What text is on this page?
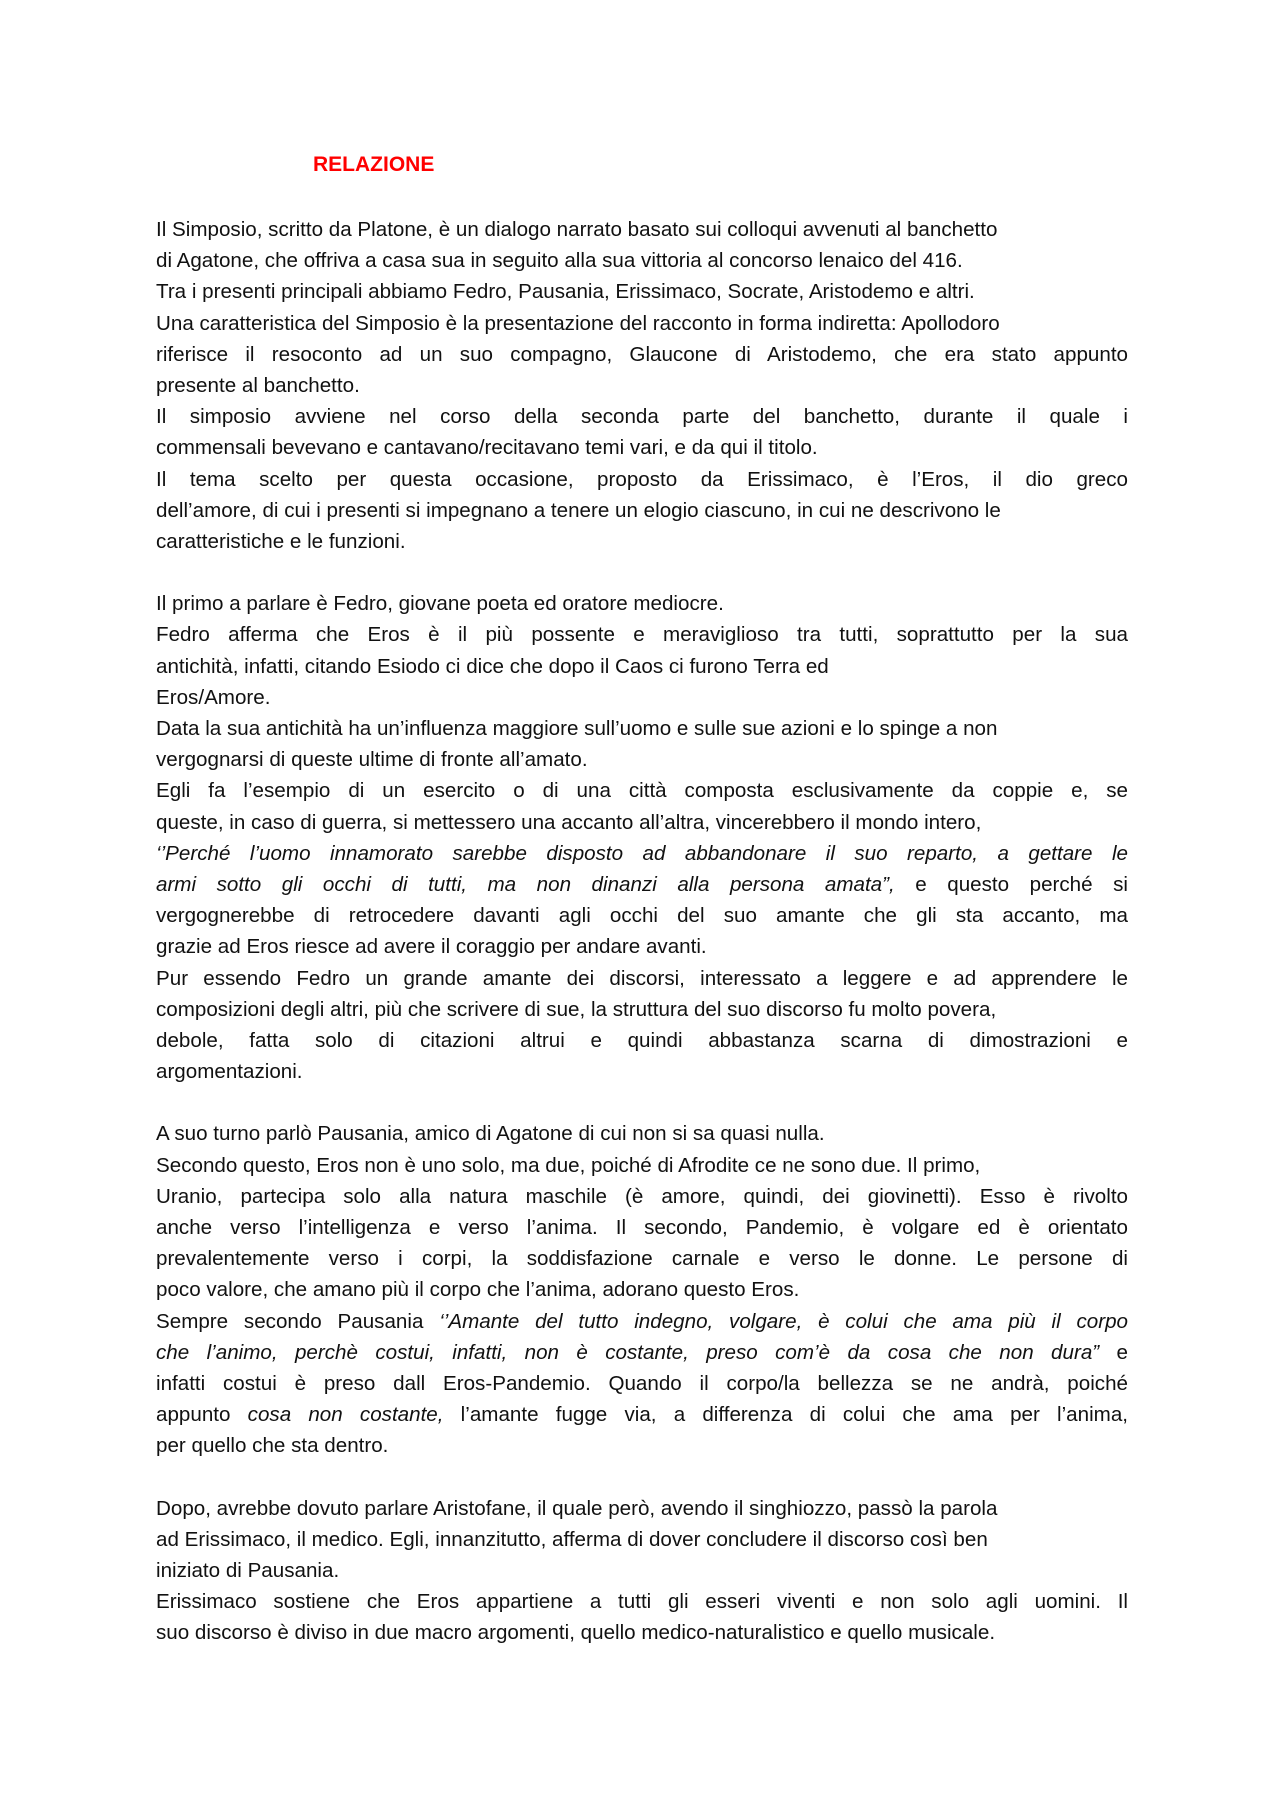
RELAZIONE
Il Simposio, scritto da Platone, è un dialogo narrato basato sui colloqui avvenuti al banchetto
di Agatone, che offriva a casa sua in seguito alla sua vittoria al concorso lenaico del 416.
Tra i presenti principali abbiamo Fedro, Pausania, Erissimaco, Socrate, Aristodemo e altri.
Una caratteristica del Simposio è la presentazione del racconto in forma indiretta: Apollodoro
riferisce il resoconto ad un suo compagno, Glaucone di Aristodemo, che era stato appunto
presente al banchetto.
Il simposio avviene nel corso della seconda parte del banchetto, durante il quale i
commensali bevevano e cantavano/recitavano temi vari, e da qui il titolo.
Il tema scelto per questa occasione, proposto da Erissimaco, è l’Eros, il dio greco
dell’amore, di cui i presenti si impegnano a tenere un elogio ciascuno, in cui ne descrivono le
caratteristiche e le funzioni.
Il primo a parlare è Fedro, giovane poeta ed oratore mediocre.
Fedro afferma che Eros è il più possente e meraviglioso tra tutti, soprattutto per la sua
antichità, infatti, citando Esiodo ci dice che dopo il Caos ci furono Terra ed
Eros/Amore.
Data la sua antichità ha un’influenza maggiore sull’uomo e sulle sue azioni e lo spinge a non
vergognarsi di queste ultime di fronte all’amato.
Egli fa l’esempio di un esercito o di una città composta esclusivamente da coppie e, se
queste, in caso di guerra, si mettessero una accanto all’altra, vincerebbero il mondo intero,
‘’Perché l’uomo innamorato sarebbe disposto ad abbandonare il suo reparto, a gettare le
armi sotto gli occhi di tutti, ma non dinanzi alla persona amata”, e questo perché si
vergognerebbe di retrocedere davanti agli occhi del suo amante che gli sta accanto, ma
grazie ad Eros riesce ad avere il coraggio per andare avanti.
Pur essendo Fedro un grande amante dei discorsi, interessato a leggere e ad apprendere le
composizioni degli altri, più che scrivere di sue, la struttura del suo discorso fu molto povera,
debole, fatta solo di citazioni altrui e quindi abbastanza scarna di dimostrazioni e
argomentazioni.
A suo turno parlò Pausania, amico di Agatone di cui non si sa quasi nulla.
Secondo questo, Eros non è uno solo, ma due, poiché di Afrodite ce ne sono due. Il primo,
Uranio, partecipa solo alla natura maschile (è amore, quindi, dei giovinetti). Esso è rivolto
anche verso l’intelligenza e verso l’anima. Il secondo, Pandemio, è volgare ed è orientato
prevalentemente verso i corpi, la soddisfazione carnale e verso le donne. Le persone di
poco valore, che amano più il corpo che l’anima, adorano questo Eros.
Sempre secondo Pausania ‘’Amante del tutto indegno, volgare, è colui che ama più il corpo
che l’animo, perchè costui, infatti, non è costante, preso com’è da cosa che non dura” e
infatti costui è preso dall Eros-Pandemio. Quando il corpo/la bellezza se ne andrà, poiché
appunto cosa non costante, l’amante fugge via, a differenza di colui che ama per l’anima,
per quello che sta dentro.
Dopo, avrebbe dovuto parlare Aristofane, il quale però, avendo il singhiozzo, passò la parola
ad Erissimaco, il medico. Egli, innanzitutto, afferma di dover concludere il discorso così ben
iniziato di Pausania.
Erissimaco sostiene che Eros appartiene a tutti gli esseri viventi e non solo agli uomini. Il
suo discorso è diviso in due macro argomenti, quello medico-naturalistico e quello musicale.
